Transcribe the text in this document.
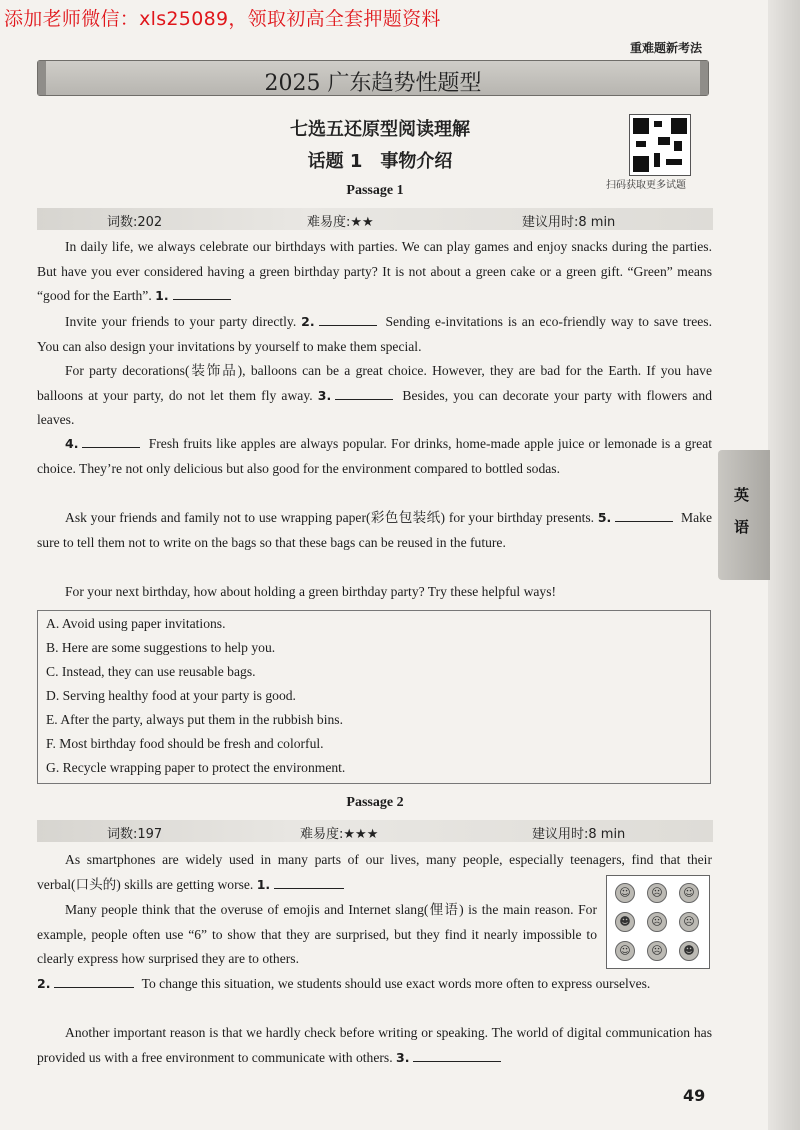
添加老师微信：xls25089，领取初高全套押题资料
重难题新考法
2025 广东趋势性题型
七选五还原型阅读理解
话题 1　事物介绍
扫码获取更多试题
Passage 1
词数:202	难易度:★★	建议用时:8 min

In daily life, we always celebrate our birthdays with parties. We can play games and enjoy snacks during the parties. But have you ever considered having a green birthday party? It is not about a green cake or a green gift. “Green” means “good for the Earth”. 1.

Invite your friends to your party directly. 2.	Sending e-invitations is an eco-friendly way to save trees. You can also design your invitations by yourself to make them special.

For party decorations(装饰品), balloons can be a great choice. However, they are bad for the Earth. If you have balloons at your party, do not let them fly away. 3.	Besides, you can decorate your party with flowers and leaves.

4.	Fresh fruits like apples are always popular. For drinks, home-made apple juice or lemonade is a great choice. They’re not only delicious but also good for the environment compared to bottled sodas.

Ask your friends and family not to use wrapping paper(彩色包装纸) for your birthday presents. 5.	Make sure to tell them not to write on the bags so that these bags can be reused in the future.

For your next birthday, how about holding a green birthday party? Try these helpful ways!

A. Avoid using paper invitations.
B. Here are some suggestions to help you.
C. Instead, they can use reusable bags.
D. Serving healthy food at your party is good.
E. After the party, always put them in the rubbish bins.
F. Most birthday food should be fresh and colorful.
G. Recycle wrapping paper to protect the environment.
英
语
Passage 2
词数:197	难易度:★★★	建议用时:8 min

As smartphones are widely used in many parts of our lives, many people, especially teenagers, find that their verbal(口头的) skills are getting worse. 1.

Many people think that the overuse of emojis and Internet slang(俚语) is the main reason. For example, people often use “6” to show that they are surprised, but they find it nearly impossible to clearly express how surprised they are to others.

2.	To change this situation, we students should use exact words more often to express ourselves.

Another important reason is that we hardly check before writing or speaking. The world of digital communication has provided us with a free environment to communicate with others. 3.

☺	☹	☺
☻	☹	☹
☺	☹	☻
49
